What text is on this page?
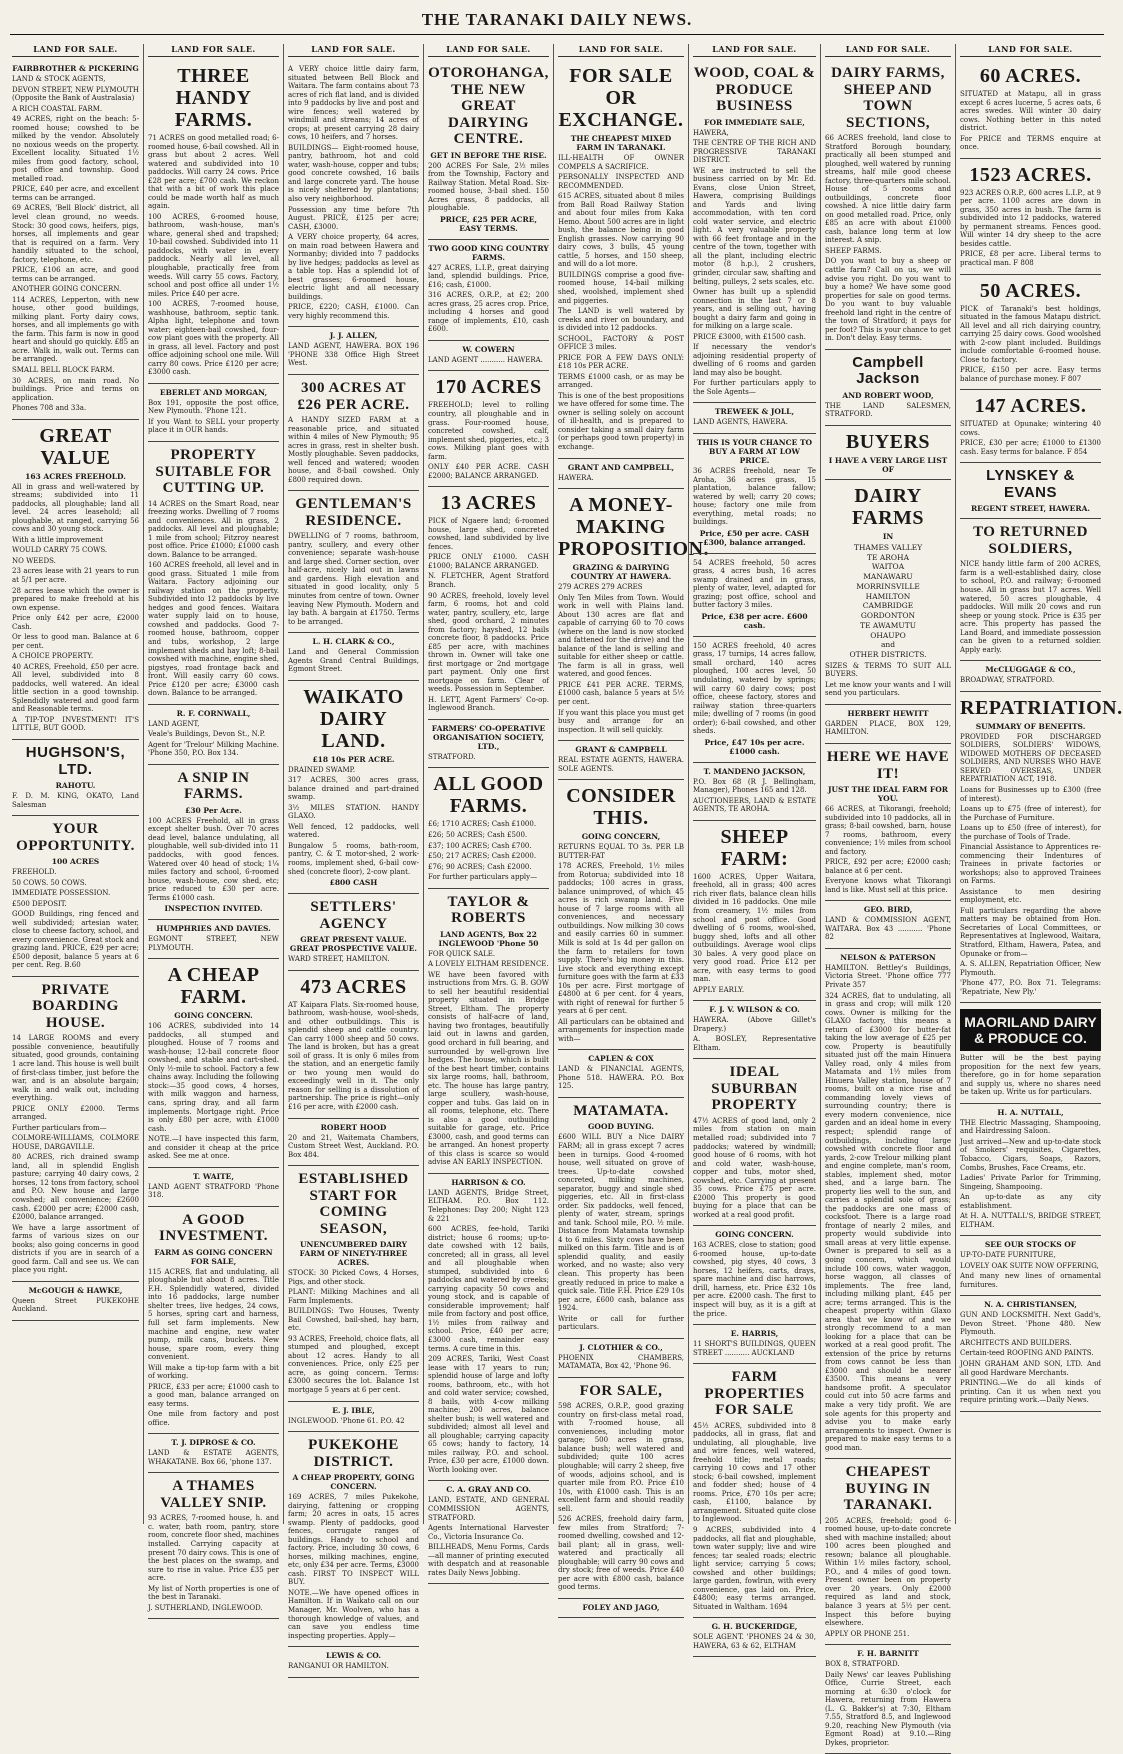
THE TARANAKI DAILY NEWS.
LAND FOR SALE.
FAIRBROTHER & PICKERING

LAND & STOCK AGENTS,

DEVON STREET, NEW PLYMOUTH (Opposite the Bank of Australasia)

A RICH COASTAL FARM.

49 ACRES, right on the beach: 5-roomed house; cowshed to be milked by the vendor. Absolutely no noxious weeds on the property. Excellent locality. Situated 1½ miles from good factory, school, post office and township. Good metalled road.

PRICE, £40 per acre, and excellent terms can be arranged.

69 ACRES, 'Bell Block' district, all level clean ground, no weeds. Stock: 30 good cows, heifers, pigs, horses, all implements and gear that is required on a farm. Very handily situated to the school, factory, telephone, etc.

PRICE, £106 an acre, and good terms can be arranged.

ANOTHER GOING CONCERN.

114 ACRES, Lepperton, with new house, other good buildings, milking plant. Forty dairy cows, horses, and all implements go with the farm. This farm is now in good heart and should go quickly. £85 an acre. Walk in, walk out. Terms can be arranged.

SMALL BELL BLOCK FARM.

30 ACRES, on main road. No buildings. Price and terms on application.

Phones 708 and 33a.

GREAT VALUE
163 ACRES FREEHOLD.

All in grass and well-watered by streams; subdivided into 11 paddocks, all ploughable; land all level. 24 acres leasehold; all ploughable, at ranged, carrying 56 cows and 30 young stock.

With a little improvement

WOULD CARRY 75 COWS.

NO WEEDS.

23 acres lease with 21 years to run at 5/1 per acre.

28 acres lease which the owner is prepared to make freehold at his own expense.

Price only £42 per acre, £2000 Cash.

Or less to good man. Balance at 6 per cent.

A CHOICE PROPERTY.

40 ACRES, Freehold, £50 per acre. All level, subdivided into 8 paddocks, well watered. An ideal little section in a good township. Splendidly watered and good farm and Reasonable terms.

A TIP-TOP INVESTMENT! IT'S LITTLE, BUT GOOD.

HUGHSON'S, LTD.
RAHOTU.

F. D. M. KING, OKATO, Land Salesman

YOUR OPPORTUNITY.
100 ACRES

FREEHOLD.

50 COWS. 50 COWS.

IMMEDIATE POSSESSION.

£500 DEPOSIT.

GOOD Buildings, ring fenced and well subdivided; artesian water, close to cheese factory, school, and every convenience. Great stock and grazing land. PRICE, £29 per acre; £500 deposit, balance 5 years at 6 per cent. Reg. B.60

PRIVATE BOARDING HOUSE.

14 LARGE ROOMS and every possible convenience, beautifully situated, good grounds, containing 1 acre land. This house is well built of first-class timber, just before the war, and is an absolute bargain; walk in and walk out, including everything.

PRICE ONLY £2000. Terms arranged.

Further particulars from—

COLMORE-WILLIAMS, COLMORE HOUSE, DARGAVILLE.

80 ACRES, rich drained swamp land, all in splendid English pasture; carrying 40 dairy cows, 2 horses, 12 tons from factory, school and P.O. New house and large cowshed; all convenience; £2600 cash. £2000 per acre; £2000 cash, £2000, balance arranged.

We have a large assortment of farms of various sizes on our books; also going concerns in good districts if you are in search of a good farm. Call and see us. We can place you right.

McGOUGH & HAWKE,

Queen Street PUKEKOHE Auckland.

LAND FOR SALE.
THREE HANDY FARMS.

71 ACRES on good metalled road; 6-roomed house, 6-bail cowshed. All in grass but about 2 acres. Well watered and subdivided into 10 paddocks. Will carry 24 cows. Price £28 per acre; £700 cash. We reckon that with a bit of work this place could be made worth half as much again.

100 ACRES, 6-roomed house, bathroom, wash-house, man's whare, general shed and trapshed; 10-bail cowshed. Subdivided into 11 paddocks, with water in every paddock. Nearly all level, all ploughable, practically free from weeds. Will carry 55 cows. Factory, school and post office all under 1½ miles. Price £40 per acre.

100 ACRES, 7-roomed house, washhouse, bathroom, septic tank. Alpha light, telephone and town water; eighteen-bail cowshed, four-cow plant goes with the property. All in grass, all level. Factory and post office adjoining school one mile. Will carry 80 cows. Price £120 per acre; £3000 cash.

EBERLET AND MORGAN,

Box 191, opposite the post office, New Plymouth. 'Phone 121.

If you Want to SELL your property place it in OUR hands.

PROPERTY SUITABLE FOR CUTTING UP.

14 ACRES on the Smart Road, near freezing works. Dwelling of 7 rooms and conveniences. All in grass, 2 paddocks. All level and ploughable; 1 mile from school; Fitzroy nearest post office. Price £1000; £1000 cash down. Balance to be arranged.

160 ACRES freehold, all level and in good grass. Situated 1 mile from Waitara. Factory adjoining our railway station on the property. Subdivided into 12 paddocks by live hedges and good fences. Waitara water supply laid on to house, cowshed and paddocks. Good 7-roomed house, bathroom, copper and tubs, workshop, 2 large implement sheds and hay loft; 8-bail cowshed with machine, engine shed, pigstyes, road frontage back and front. Will easily carry 60 cows. Price £120 per acre; £3000 cash down. Balance to be arranged.

R. F. CORNWALL,

LAND AGENT,

Veale's Buildings, Devon St., N.P.

Agent for 'Trelour' Milking Machine. 'Phone 350, P.O. Box 134.

A SNIP IN FARMS.
£30 Per Acre.

100 ACRES Freehold, all in grass except shelter bush. Over 70 acres dead level, balance undulating, all ploughable, well sub-divided into 11 paddocks, with good fences. Watered over 40 head of stock; 1¼ miles factory and school, 6-roomed house, wash-house, cow shed, etc; price reduced to £30 per acre. Terms £1000 cash.

INSPECTION INVITED.
HUMPHRIES AND DAVIES.

EGMONT STREET, NEW PLYMOUTH.

A CHEAP FARM.
GOING CONCERN.

106 ACRES, subdivided into 14 paddocks, all stumped and ploughed. House of 7 rooms and wash-house; 12-bail concrete floor cowshed, and stable and cart-shed. Only ½-mile to school. Factory a few chains away. Including the following stock:—35 good cows, 4 horses, with milk waggon and harness, cans, spring dray, and all farm implements. Mortgage right. Price is only £80 per acre, with £1000 cash.

NOTE.—I have inspected this farm, and consider it cheap at the price asked. See me at once.

T. WAITE,

LAND AGENT STRATFORD 'Phone 318.

A GOOD INVESTMENT.
FARM AS GOING CONCERN FOR SALE,

115 ACRES, flat and undulating, all ploughable but about 8 acres. Title F.H. Splendidly watered, divided into 16 paddocks, large number shelter trees, live hedges, 24 cows, 5 horses, spring cart and harness, full set farm implements. New machine and engine, new water pump, milk cans, buckets. New house, spare room, every thing convenient.

Will make a tip-top farm with a bit of working.

PRICE, £33 per acre; £1000 cash to a good man, balance arranged on easy terms.

One mile from factory and post office.

T. J. DIPROSE & CO.

LAND & ESTATE AGENTS, WHAKATANE. Box 66, 'phone 137.

A THAMES VALLEY SNIP.

93 ACRES, 7-roomed house, h. and c. water, bath room, pantry, store room, concrete floor shed, machines installed. Carrying capacity at present 70 dairy cows. This is one of the best places on the swamp, and sure to rise in value. Price £35 per acre.

My list of North properties is one of the best in Taranaki.

J. SUTHERLAND, INGLEWOOD.

LAND FOR SALE.

A VERY choice little dairy farm, situated between Bell Block and Waitara. The farm contains about 73 acres of rich flat land, and is divided into 9 paddocks by live and post and wire fences; well watered by windmill and streams; 14 acres of crops; at present carrying 28 dairy cows, 10 heifers, and 7 horses.

BUILDINGS— Eight-roomed house, pantry, bathroom, hot and cold water, wash-house, copper and tubs; good concrete cowshed, 16 bails and large concrete yard. The house is nicely sheltered by plantations; also very neighborhood.

Possession any time before 7th August. PRICE, £125 per acre; CASH, £3000.

A VERY choice property, 64 acres, on main road between Hawera and Normanby; divided into 7 paddocks by live hedges; paddocks as level as a table top. Has a splendid lot of best grasses; 6-roomed house, electric light and all necessary buildings.

PRICE, £220; CASH, £1000. Can very highly recommend this.

J. J. ALLEN,

LAND AGENT, HAWERA. BOX 196 'PHONE 338 Office High Street West.

300 ACRES AT £26 PER ACRE.

A HANDY SIZED FARM at a reasonable price, and situated within 4 miles of New Plymouth; 95 acres in grass, rest in shelter bush. Mostly ploughable. Seven paddocks, well fenced and watered; wooden house, and 8-bail cowshed. Only £800 required down.

GENTLEMAN'S RESIDENCE.

DWELLING of 7 rooms, bathroom, pantry, scullery, and every other convenience; separate wash-house and large shed. Corner section, over half-acre, nicely laid out in lawns and gardens. High elevation and situated in good locality, only 5 minutes from centre of town. Owner leaving New Plymouth. Modern and lay bath. A bargain at £1750. Terms to be arranged.

L. H. CLARK & CO.,

Land and General Commission Agents Grand Central Buildings, Egmont Street.

WAIKATO DAIRY LAND.
£18 10s PER ACRE.

DRAINED SWAMP.

317 ACRES, 300 acres grass, balance drained and part-drained swamp.

3½ MILES STATION. HANDY GLAXO.

Well fenced, 12 paddocks, well watered.

Bungalow 5 rooms, bath-room, pantry, C. & T. motor-shed, 2 work-rooms, implement shed, 6-bail cow-shed (concrete floor), 2-cow plant.

£800 CASH
SETTLERS' AGENCY
GREAT PRESENT VALUE. GREAT PROSPECTIVE VALUE.

WARD STREET, HAMILTON.

473 ACRES

AT Kaipara Flats. Six-roomed house, bathroom, wash-house, wool-sheds, and other outbuildings. This is splendid sheep and cattle country. Can carry 1000 sheep and 50 cows. The land is broken, but has a great soil of grass. It is only 6 miles from the station, and an energetic family or two young men would do exceedingly well in it. The only reason for selling is a dissolution of partnership. The price is right—only £16 per acre, with £2000 cash.

ROBERT HOOD

20 and 21, Waitemata Chambers, Custom Street West, Auckland. P.O. Box 484.

ESTABLISHED START FOR COMING SEASON,
UNENCUMBERED DAIRY FARM OF NINETY-THREE ACRES.

STOCK: 30 Picked Cows, 4 Horses, Pigs, and other stock.

PLANT: Milking Machines and all Farm Implements.

BUILDINGS: Two Houses, Twenty Bail Cowshed, bail-shed, hay barn, etc.

93 ACRES, Freehold, choice flats, all stumped and ploughed, except about 12 acres. Handy to all conveniences. Price, only £25 per acre, as going concern. Terms: £3000 secures the lot. Balance 1st mortgage 5 years at 6 per cent.

E. J. IBLE,

INGLEWOOD. 'Phone 61. P.O. 42

PUKEKOHE DISTRICT.
A CHEAP PROPERTY, GOING CONCERN.

169 ACRES, 7 miles Pukekohe, dairying, fattening or cropping farm; 20 acres in oats, 15 acres swamp. Plenty of paddocks, good fences, corrugate ranges of buildings. Handy to school and factory. Price, including 30 cows, 6 horses, milking machines, engine, etc, only £34 per acre. Terms, £3000 cash. FIRST TO INSPECT WILL BUY.

NOTE.—We have opened offices in Hamilton. If in Waikato call on our Manager, Mr. Woolven, who has a thorough knowledge of values, and can save you endless time inspecting properties. Apply—

LEWIS & CO.

RANGANUI OR HAMILTON.

LAND FOR SALE.
OTOROHANGA, THE NEW GREAT DAIRYING CENTRE.
GET IN BEFORE THE RISE.

200 ACRES For Sale, 2½ miles from the Township, Factory and Railway Station. Metal Road. Six-roomed house, 3-bail shed. 150 Acres grass, 8 paddocks, all ploughable.

PRICE, £25 PER ACRE, EASY TERMS.
TWO GOOD KING COUNTRY FARMS.

427 ACRES, L.I.P., great dairying land, splendid buildings. Price, £16; cash, £1000.

316 ACRES, O.R.P., at £2; 200 acres grass, 25 acres crop. Price, including 4 horses and good range of implements, £10, cash £600.

W. COWERN

LAND AGENT ........... HAWERA.

170 ACRES

FREEHOLD; level to rolling country, all ploughable and in grass. Four-roomed house, concreted cowshed, calf, implement shed, piggeries, etc.; 3 cows. Milking plant goes with farm.

ONLY £40 PER ACRE. CASH £2000; BALANCE ARRANGED.

13 ACRES

PICK of Ngaere land; 6-roomed house, large shed, concreted cowshed, land subdivided by live fences.

PRICE ONLY £1000. CASH £1000; BALANCE ARRANGED.

N. FLETCHER, Agent Stratford Branch.

90 ACRES, freehold, lovely level farm, 6 rooms, hot and cold water, pantry, scullery, etc, large shed, good orchard, 2 minutes from factory; hayshed, 12 bails concrete floor, 8 paddocks. Price £85 per acre, with machines thrown in. Owner will take one first mortgage or 2nd mortgage part payment. Only one first mortgage on farm. Clear of weeds. Possession in September.

H. LETT, Agent Farmers' Co-op. Inglewood Branch.

FARMERS' CO-OPERATIVE ORGANISATION SOCIETY, LTD.,

STRATFORD.

ALL GOOD FARMS.

£6; 1710 ACRES; Cash £1000.

£26; 50 ACRES; Cash £500.

£37; 100 ACRES; Cash £700.

£50; 217 ACRES; Cash £2000.

£76; 90 ACRES; Cash £2000.

For further particulars apply—

TAYLOR & ROBERTS
LAND AGENTS, Box 22 INGLEWOOD 'Phone 50

FOR QUICK SALE.

A LOVELY ELTHAM RESIDENCE.

WE have been favored with instructions from Mrs. G. B. GOW to sell her beautiful residential property situated in Bridge Street, Eltham. The property consists of half-acre of land, having two frontages, beautifully laid out in lawns and garden, good orchard in full bearing, and surrounded by well-grown live hedges. The house, which is built of the best heart timber, contains six large rooms, hall, bathroom, etc. The house has large pantry, large scullery, wash-house, copper and tubs. Gas laid on in all rooms, telephone, etc. There is also a good outbuilding suitable for garage, etc. Price £3000, cash, and good terms can be arranged. An honest property of this class is scarce so would advise AN EARLY INSPECTION.

HARRISON & CO.

LAND AGENTS, Bridge Street, ELTHAM. P.O. Box 112. Telephones: Day 200; Night 123 & 221

600 ACRES, fee-hold, Tariki district; house 6 rooms; up-to-date cowshed with 12 bails, concreted; all in grass, all level and all ploughable when stumped, subdivided into 6 paddocks and watered by creeks; carrying capacity 50 cows and young stock, and is capable of considerable improvement; half mile from factory and post office, 1½ miles from railway and school. Price, £40 per acre; £3000 cash, remainder easy terms. A cure time in this.

209 ACRES, Tariki, West Coast lease with 17 years to run; splendid house of large and lofty rooms, bathroom, etc., with hot and cold water service; cowshed, 8 bails, with 4-cow milking machine; 200 acres, balance shelter bush; is well watered and subdivided; almost all level and all ploughable; carrying capacity 65 cows; handy to factory, 14 miles railway, P.O. and school. Price, £30 per acre, £1000 down. Worth looking over.

C. A. GRAY AND CO.

LAND, ESTATE, AND GENERAL COMMISSION AGENTS, STRATFORD.

Agents International Harvester Co., Victoria Insurance Co.

BILLHEADS, Menu Forms, Cards—all manner of printing executed with despatch and at reasonable rates Daily News Jobbing.

LAND FOR SALE.
FOR SALE OR EXCHANGE.
THE CHEAPEST MIXED FARM IN TARANAKI.

ILL-HEALTH OF OWNER COMPELS A SACRIFICE.

PERSONALLY INSPECTED AND RECOMMENDED.

615 ACRES, situated about 8 miles from Ball Road Railway Station and about four miles from Kaka Hemo. About 500 acres are in light bush, the balance being in good English grasses. Now carrying 90 dairy cows, 3 bulls, 45 young cattle, 5 horses, and 150 sheep, and will do a lot more.

BUILDINGS comprise a good five-roomed house, 14-bail milking shed, woolshed, implement shed and piggeries.

The LAND is well watered by creeks and river on boundary, and is divided into 12 paddocks.

SCHOOL, FACTORY & POST OFFICE 3 miles.

PRICE FOR A FEW DAYS ONLY: £18 10s PER ACRE.

TERMS £1000 cash, or as may be arranged.

This is one of the best propositions we have offered for some time. The owner is selling solely on account of ill-health, and is prepared to consider taking a small dairy farm (or perhaps good town property) in exchange.

GRANT AND CAMPBELL,

HAWERA.

A MONEY-MAKING PROPOSITION.
GRAZING & DAIRYING COUNTRY AT HAWERA.

279 ACRES 279 ACRES

Only Ten Miles from Town. Would work in well with Plains land. About 130 acres are flat and capable of carrying 60 to 70 cows (where on the land is now stocked and fattened for the drive) and the balance of the land is selling and suitable for either sheep or cattle. The farm is all in grass, well watered, and good fences.

PRICE £41 PER ACRE. TERMS, £1000 cash, balance 5 years at 5½ per cent.

If you want this place you must get busy and arrange for an inspection. It will sell quickly.

GRANT & CAMPBELL

REAL ESTATE AGENTS, HAWERA. SOLE AGENTS.

CONSIDER THIS.
GOING CONCERN,

RETURNS EQUAL TO 3s. PER LB BUTTER-FAT

178 ACRES, Freehold, 1½ miles from Rotorua; subdivided into 18 paddocks; 100 acres in grass, balance unimproved, of which 45 acres is rich swamp land. Five house of 7 large rooms with all conveniences, and necessary outbuildings. Now milking 30 cows and easily carries 60 in summer. Milk is sold at 1s 4d per gallon on the farm to retailers for town supply. There's big money in this. Live stock and everything except furniture goes with the farm at £33 10s per acre. First mortgage of £4800 at 6 per cent. for 4 years, with right of renewal for further 5 years at 6 per cent.

All particulars can be obtained and arrangements for inspection made with—

CAPLEN & COX

LAND & FINANCIAL AGENTS, Phone 518. HAWERA. P.O. Box 125.

MATAMATA.
GOOD BUYING.

£600 WILL BUY a Nice DAIRY FARM; all in grass except 7 acres been in turnips. Good 4-roomed house, well situated on grove of trees. Up-to-date cowshed concreted, milking machines, separator, buggy and single shed piggeries, etc. All in first-class order. Six paddocks, well fenced, plenty of water, stream, springs and tank. School mile, P.O. ½ mile. Distance from Matamata township 4 to 6 miles. Sixty cows have been milked on this farm. Title and is of splendid quality, and easily worked, and no waste; also very clean. This property has been greatly reduced in price to make a quick sale. Title F.H. Price £29 10s per acre, £600 cash, balance ass 1924.

Write or call for further particulars.

J. CLOTHIER & CO.,

PHOENIX CHAMBERS, MATAMATA, Box 42, 'Phone 96.

FOR SALE,

598 ACRES, O.R.P., good grazing country on first-class metal road, with 7-roomed house, all conveniences, including motor garage; 500 acres in grass, balance bush; well watered and subdivided; quite 100 acres ploughable; will carry 2 sheep, five of woods, adjoins school, and is quarter mile from P.O. Price £10 10s, with £1000 cash. This is an excellent farm and should readily sell.

526 ACRES, freehold dairy farm, few miles from Stratford; 7-roomed dwelling, cowshed and 12-bail plant; all in grass, well-watered and practically all ploughable; will carry 90 cows and dry stock; free of weeds. Price £40 per acre with £800 cash, balance good terms.

FOLEY AND JAGO,
LAND FOR SALE.
WOOD, COAL & PRODUCE BUSINESS
FOR IMMEDIATE SALE,

HAWERA,

THE CENTRE OF THE RICH AND PROGRESSIVE TARANAKI DISTRICT.

WE are instructed to sell the business carried on by Mr. Ed. Evans, close Union Street, Hawera, comprising Buildings and Yards and living accommodation, with ten cord cold water service, and electric light. A very valuable property with 66 feet frontage and in the centre of the town, together with all the plant, including electric motor (8 h.p.), 2 crushers, grinder, circular saw, shafting and belting, pulleys, 2 sets scales, etc.

Owner has built up a splendid connection in the last 7 or 8 years, and is selling out, having bought a dairy farm and going in for milking on a large scale.

PRICE £3000, with £1500 cash.

If necessary the vendor's adjoining residential property of dwelling of 6 rooms and garden land may also be bought.

For further particulars apply to the Sole Agents—

TREWEEK & JOLL,

LAND AGENTS, HAWERA.

THIS IS YOUR CHANCE TO BUY A FARM AT LOW PRICE.

36 ACRES freehold, near Te Aroha, 36 acres grass, 15 plantation, balance fallow; watered by well; carry 20 cows; house; factory one mile from everything, metal roads; no buildings.

Price, £50 per acre. CASH £300, balance arranged.

54 ACRES freehold, 50 acres grass, 4 acres bush, 16 acres swamp drained and in grass, plenty of water, level, adapted for grazing; post office, school and butter factory 3 miles.

Price, £38 per acre. £600 cash.

150 ACRES freehold, 40 acres grass, 17 turnips, 14 acres fallow, small orchard, 140 acres ploughed, 100 acres level, 50 undulating, watered by springs; will carry 60 dairy cows; post office, cheese factory, stores and railway station three-quarters mile; dwelling of 7 rooms (in good order); 6-bail cowshed, and other sheds.

Price, £47 10s per acre. £1000 cash.
T. MANDENO JACKSON,

P.O. Box 68 (R J. Bellingham, Manager), Phones 165 and 128.

AUCTIONEERS, LAND & ESTATE AGENTS, TE AROHA.

SHEEP FARM:

1600 ACRES, Upper Waitara, freehold, all in grass; 400 acres rich river flats, balance clean hills divided in 16 paddocks. One mile from creamery, 1½ miles from school and post office. Good dwelling of 6 rooms, wool-shed, buggy shed, lofts and all other outbuildings. Average wool clips 30 bales. A very good place on very good road. Price £12 per acre, with easy terms to good man.

APPLY EARLY.

F. J. V. WILSON & CO.

HAWERA. (Above Gillet's Drapery.)

A. BOSLEY, Representative Eltham.

IDEAL SUBURBAN PROPERTY

47½ ACRES of good land, only 2 miles from station on main metalled road; subdivided into 7 paddocks; watered by windmill; good house of 6 rooms, with hot and cold water, wash-house, copper and tubs, motor shed, cowshed, etc. Carrying at present 35 cows. Price £75 per acre. £2000 This property is good buying for a place that can be worked at a real good profit.

GOING CONCERN.

163 ACRES, close to station; good 6-roomed house, up-to-date cowshed, pig styes, 40 cows, 3 horses, 12 heifers, carts, drays, spare machine and disc harrows, drill, harness, etc. Price £32 10s per acre. £2000 cash. The first to inspect will buy, as it is a gift at the price.

E. HARRIS,

11 SHORT'S BUILDINGS, QUEEN STREET ........... AUCKLAND

FARM PROPERTIES FOR SALE

45½ ACRES, subdivided into 8 paddocks, all in grass, flat and undulating, all ploughable, live and wire fences, well watered, freehold title; metal roads; carrying 10 cows and 17 other stock; 6-bail cowshed, implement and fodder shed; house of 4 rooms. Price, £70 10s per acre; cash, £1100, balance by arrangement. Situated quite close to Inglewood.

9 ACRES, subdivided into 4 paddocks, all flat and ploughable, town water supply; live and wire fences; tar sealed roads; electric light service; carrying 5 cows; cowshed and other buildings; large garden, fowlrun, with every convenience, gas laid on. Price, £4800; easy terms arranged. Situated in Waltham. 1694

G. H. BUCKERIDGE,

SOLE AGENT. 'PHONES 24 & 30, HAWERA, 63 & 62, ELTHAM

LAND FOR SALE.
DAIRY FARMS, SHEEP AND TOWN SECTIONS,

66 ACRES freehold, land close to Stratford Borough boundary, practically all been stumped and ploughed, well watered by running streams, half mile good cheese factory, three-quarters mile school. House of 5 rooms and outbuildings, concrete floor cowshed. A nice little dairy farm on good metalled road. Price, only £85 an acre with about £1000 cash, balance long term at low interest. A snip.

SHEEP FARMS.

DO you want to buy a sheep or cattle farm? Call on us, we will advise you right. Do you want to buy a home? We have some good properties for sale on good terms. Do you want to buy valuable freehold land right in the centre of the town of Stratford; it pays for per foot? This is your chance to get in. Don't delay. Easy terms.

Campbell Jackson
AND ROBERT WOOD,

THE LAND SALESMEN, STRATFORD.

BUYERS
I HAVE A VERY LARGE LIST OF
DAIRY FARMS
IN
THAMES VALLEY
TE AROHA
WAITOA
MANAWARU
MORRINSVILLE
HAMILTON
CAMBRIDGE
GORDONTON
TE AWAMUTU
OHAUPO
and
OTHER DISTRICTS.

SIZES & TERMS TO SUIT ALL BUYERS.

Let me know your wants and I will send you particulars.

HERBERT HEWITT

GARDEN PLACE, BOX 129, HAMILTON.

HERE WE HAVE IT!
JUST THE IDEAL FARM FOR YOU.

66 ACRES, at Tikorangi, freehold; subdivided into 10 paddocks, all in grass; 8-bail cowshed, barn, house 7 rooms, bathroom, every convenience; 1½ miles from school and factory.

PRICE, £92 per acre; £2000 cash; balance at 6 per cent.

Everyone knows what Tikorangi land is like. Must sell at this price.

GEO. BIRD,

LAND & COMMISSION AGENT, WAITARA. Box 43 ........... 'Phone 82

NELSON & PATERSON

HAMILTON. Bettley's Buildings, Victoria Street. 'Phone office 777 Private 357

324 ACRES, flat to undulating, all in grass and crop; will milk 120 cows. Owner is milking for the GLAXO factory, this means a return of £3000 for butter-fat taking the low average of £25 per cow. Property is beautifully situated just off the main Hinuera Valley road, only 4 miles from Matamata and 1½ miles from Hinuera Valley station, house of 7 rooms, built on a nice rise and commanding lovely views of surrounding country; there is every modern convenience, nice garden and an ideal home in every respect; splendid range of outbuildings, including large cowshed with concrete floor and yards, 2-cow Trelour milking plant and engine complete, man's room, stables, implement shed, motor shed, and a large barn. The property lies well to the sun, and carries a splendid sole of grass; the paddocks are one mass of cocksfoot. There is a large road frontage of nearly 2 miles, and property would subdivide into small areas at very little expense. Owner is prepared to sell as a going concern, which would include 100 cows, water waggon, horse waggon, all classes of implements. The free land, including milking plant, £45 per acre; terms arranged. This is the cheapest property within Glaxo area that we know of and we strongly recommend to a man looking for a place that can be worked at a real good profit. The extension of the price by returns from cows cannot be less than £3000 and should be nearer £3500. This means a very handsome profit. A speculator could cut into 50 acre farms and make a very tidy profit. We are sole agents for this property and advise you to make early arrangements to inspect. Owner is prepared to make easy terms to a good man.

CHEAPEST BUYING IN TARANAKI.

205 ACRES, freehold; good 6-roomed house, up-to-date concrete shed with machine installed; about 100 acres been ploughed and resown; balance all ploughable. Within 1½ miles factory, school, P.O., and 4 miles of good town. Present owner been on property over 20 years. Only £2000 required as land and stock, balance 3 years at 5½ per cent. Inspect this before buying elsewhere.

APPLY OR PHONE 251.

F. H. BARNITT

BOX 8, STRATFORD.

Daily News' car leaves Publishing Office, Currie Street, each morning at 6:30 o'clock for Hawera, returning from Hawera (L. G. Bakker's) at 7:30, Eltham 7.55, Stratford 8.5, and Inglewood 9.20, reaching New Plymouth (via Egmont Road) at 9.10.—Ring Dykes, proprietor.

LAND FOR SALE.
60 ACRES.

SITUATED at Matapu, all in grass except 6 acres lucerne, 5 acres oats, 6 acres swedes. Will winter 30 dairy cows. Nothing better in this noted district.

For PRICE and TERMS enquire at once.

1523 ACRES.

923 ACRES O.R.P., 600 acres L.I.P., at 9 per acre. 1100 acres are down in grass, 350 acres in bush. The farm is subdivided into 12 paddocks, watered by permanent streams. Fences good. Will winter 14 dry sheep to the acre besides cattle.

PRICE, £8 per acre. Liberal terms to practical man. F 808

50 ACRES.

PICK of Taranaki's best holdings, situated in the famous Matapu district. All level and all rich dairying country, carrying 25 dairy cows. Good woolshed with 2-cow plant included. Buildings include comfortable 6-roomed house. Close to factory.

PRICE, £150 per acre. Easy terms balance of purchase money. F 807

147 ACRES.

SITUATED at Opunake; wintering 40 cows.

PRICE, £30 per acre; £1000 to £1300 cash. Easy terms for balance. F 854

LYNSKEY & EVANS
REGENT STREET, HAWERA.
TO RETURNED SOLDIERS,

NICE handy little farm of 200 ACRES, farm is a well-established dairy, close to school, P.O. and railway; 6-roomed house. All in grass but 17 acres. Well watered, 50 acres ploughable, 4 paddocks. Will milk 20 cows and run sheep or young stock. Price is £35 per acre. This property has passed the Land Board, and immediate possession can be given to a returned soldier. Apply early.

McCLUGGAGE & CO.,

BROADWAY, STRATFORD.

REPATRIATION.
SUMMARY OF BENEFITS.

PROVIDED FOR DISCHARGED SOLDIERS, SOLDIERS' WIDOWS, WIDOWED MOTHERS OF DECEASED SOLDIERS, AND NURSES WHO HAVE SERVED OVERSEAS, UNDER REPATRIATION ACT, 1918.

Loans for Businesses up to £300 (free of interest).

Loans up to £75 (free of interest), for the Purchase of Furniture.

Loans up to £50 (free of interest), for the purchase of Tools of Trade.

Financial Assistance to Apprentices re-commencing their Indentures of Trainees in private factories or workshops; also to approved Trainees on Farms.

Assistance to men desiring employment, etc.

Full particulars regarding the above matters may be obtained from Hon. Secretaries of Local Committees, or Representatives at Inglewood, Waitara, Stratford, Eltham, Hawera, Patea, and Opunake or from—

A. S. ALLEN, Repatriation Officer, New Plymouth.

'Phone 477, P.O. Box 71. Telegrams: 'Repatriate, New Ply.'

MAORILAND DAIRY & PRODUCE CO.

Butter will be the best paying proposition for the next few years, therefore, go in for home separation and supply us, where no shares need be taken up. Write us for particulars.

H. A. NUTTALL,

THE Electric Massaging, Shampooing, and Hairdressing Saloon.

Just arrived—New and up-to-date stock of Smokers' requisites, Cigarettes, Tobacco, Cigars, Soaps, Razors, Combs, Brushes, Face Creams, etc.

Ladies' Private Parlor for Trimming, Singeing, Shampooing.

An up-to-date as any city establishment.

At H. A. NUTTALL'S, BRIDGE STREET, ELTHAM.

SEE OUR STOCKS OF

UP-TO-DATE FURNITURE,

LOVELY OAK SUITE NOW OFFERING,

And many new lines of ornamental furnitures.

N. A. CHRISTIANSEN,

GUN AND LOCKSMITH. Next Gadd's, Devon Street. 'Phone 480. New Plymouth.

ARCHITECTS AND BUILDERS.

Certain-teed ROOFING AND PAINTS.

JOHN GRAHAM AND SON, LTD. And all good Hardware Merchants.

PRINTING.—We do all kinds of printing. Can it us when next you require printing work.—Daily News.
